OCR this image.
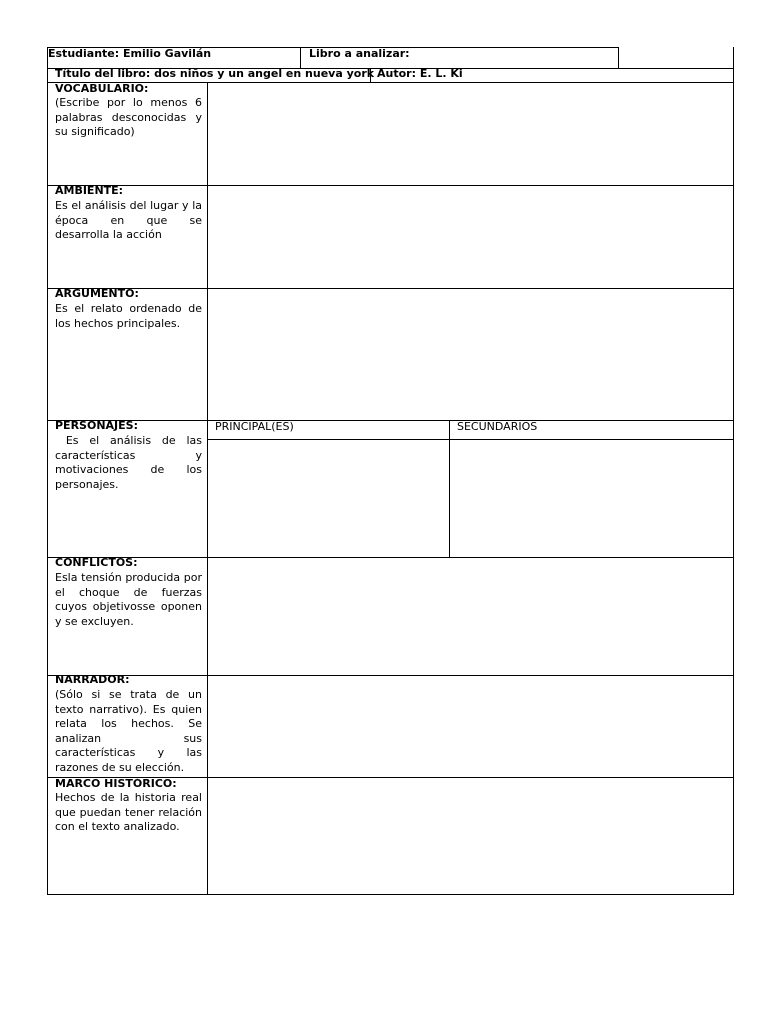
Estudiante: Emilio Gavilán	Libro a analizar:
Título del libro: dos niños y un angel en nueva york Autor: E. L. Ki
PRINCIPAL(ES)	SECUNDARIOS
VOCABULARIO:
(Escribe por lo menos 6 palabras desconocidas y su significado)
AMBIENTE:
Es el análisis del lugar y la época en que se desarrolla la acción
ARGUMENTO:
Es el relato ordenado de los hechos principales.
PERSONAJES:
Es el análisis de las características y motivaciones de los personajes.
CONFLICTOS:
Esla tensión producida por el choque de fuerzas cuyos objetivosse oponen y se excluyen.
NARRADOR:
(Sólo si se trata de un texto narrativo). Es quien relata los hechos. Se analizan sus características y las razones de su elección.
MARCO HISTÓRICO:
Hechos de la historia real que puedan tener relación con el texto analizado.
